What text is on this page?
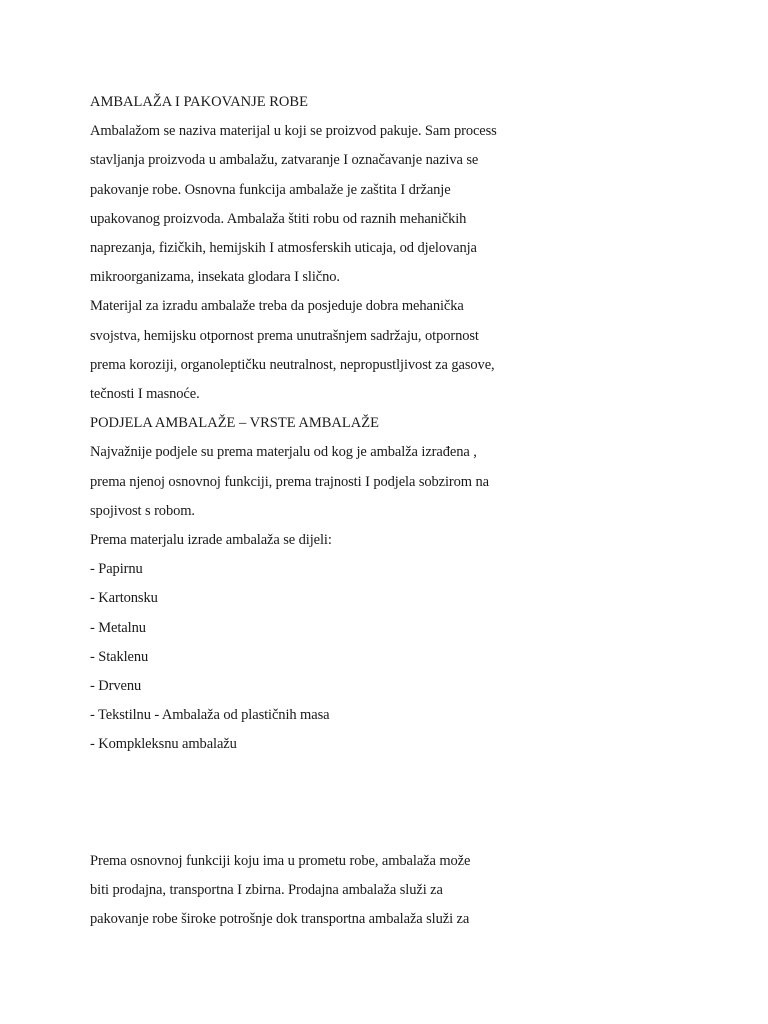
AMBALAŽA I PAKOVANJE ROBE
Ambalažom se naziva materijal u koji se proizvod pakuje. Sam process
stavljanja proizvoda u ambalažu, zatvaranje I označavanje naziva se
pakovanje robe. Osnovna funkcija ambalaže je zaštita I držanje
upakovanog proizvoda. Ambalaža štiti robu od raznih mehaničkih
naprezanja, fizičkih, hemijskih I atmosferskih uticaja, od djelovanja
mikroorganizama, insekata glodara I slično.
Materijal za izradu ambalaže treba da posjeduje dobra mehanička
svojstva, hemijsku otpornost prema unutrašnjem sadržaju, otpornost
prema koroziji, organoleptičku neutralnost, nepropustljivost za gasove,
tečnosti I masnoće.
PODJELA AMBALAŽE – VRSTE AMBALAŽE
Najvažnije podjele su prema materjalu od kog je ambalža izrađena ,
prema njenoj osnovnoj funkciji, prema trajnosti I podjela sobzirom na
spojivost s robom.
Prema materjalu izrade ambalaža se dijeli:
- Papirnu
- Kartonsku
- Metalnu
- Staklenu
- Drvenu
- Tekstilnu - Ambalaža od plastičnih masa
- Kompkleksnu ambalažu
Prema osnovnoj funkciji koju ima u prometu robe, ambalaža može
biti prodajna, transportna I zbirna. Prodajna ambalaža služi za
pakovanje robe široke potrošnje dok transportna ambalaža služi za
